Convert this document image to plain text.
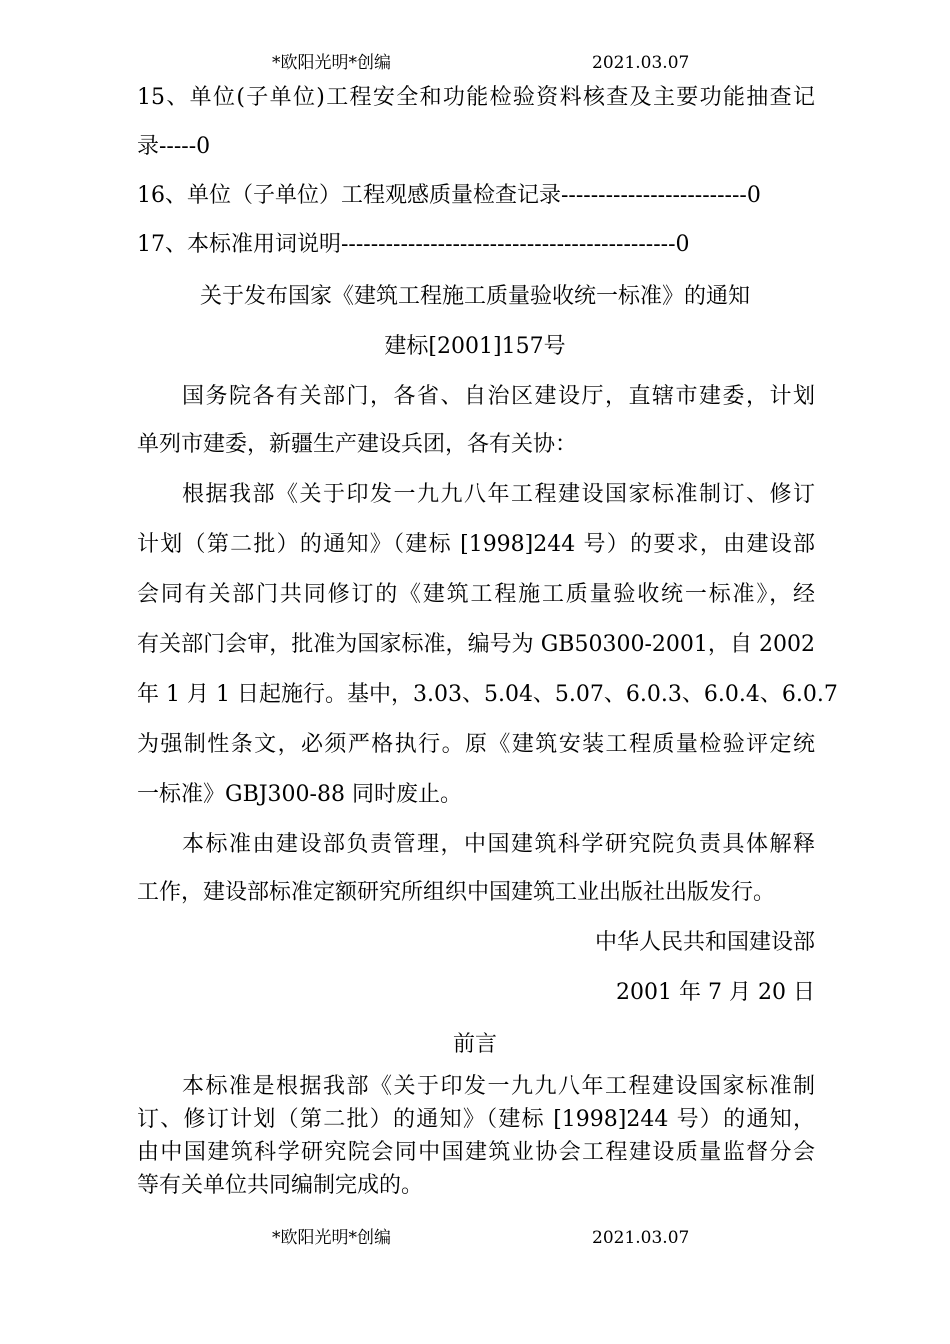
*欧阳光明*创编	2021.03.07
15、单位(子单位)工程安全和功能检验资料核查及主要功能抽查记
录-----0
16、单位（子单位）工程观感质量检查记录-------------------------0
17、本标准用词说明---------------------------------------------0
关于发布国家《建筑工程施工质量验收统一标准》的通知
建标[2001]157号
国务院各有关部门，各省、自治区建设厅，直辖市建委，计划
单列市建委，新疆生产建设兵团，各有关协：
根据我部《关于印发一九九八年工程建设国家标准制订、修订
计划（第二批）的通知》（建标 [1998]244 号）的要求，由建设部
会同有关部门共同修订的《建筑工程施工质量验收统一标准》，经
有关部门会审，批准为国家标准，编号为 GB50300-2001，自 2002
年 1 月 1 日起施行。基中，3.03、5.04、5.07、6.0.3、6.0.4、6.0.7
为强制性条文，必须严格执行。原《建筑安装工程质量检验评定统
一标准》GBJ300-88 同时废止。
本标准由建设部负责管理，中国建筑科学研究院负责具体解释
工作，建设部标准定额研究所组织中国建筑工业出版社出版发行。
中华人民共和国建设部
2001 年 7 月 20 日
前言
本标准是根据我部《关于印发一九九八年工程建设国家标准制
订、修订计划（第二批）的通知》（建标 [1998]244 号）的通知，
由中国建筑科学研究院会同中国建筑业协会工程建设质量监督分会
等有关单位共同编制完成的。
*欧阳光明*创编	2021.03.07
